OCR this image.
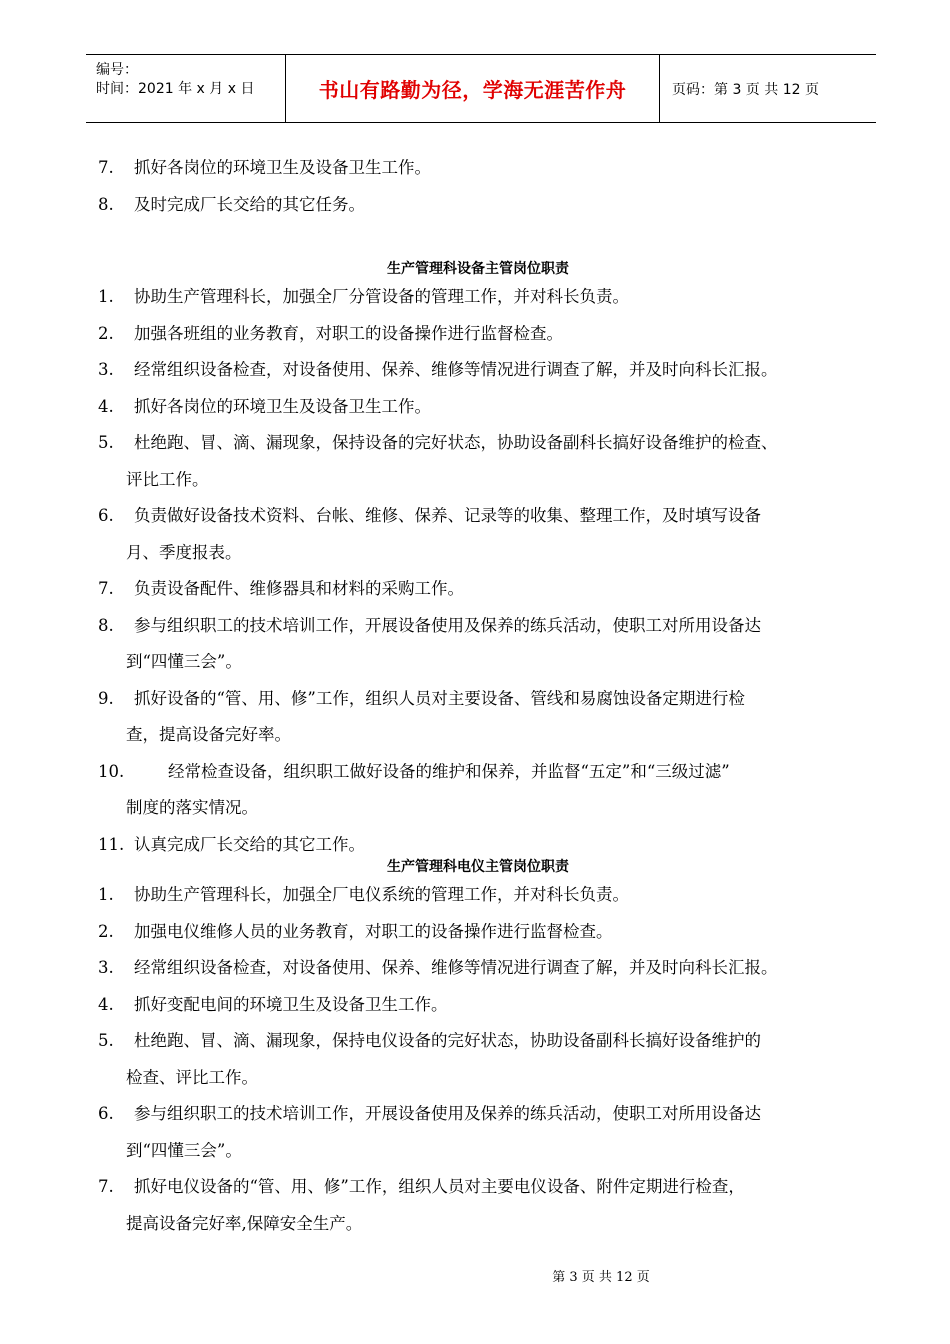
编号：
时间：2021 年 x 月 x 日	书山有路勤为径，学海无涯苦作舟	页码：第 3 页 共 12 页
7.	抓好各岗位的环境卫生及设备卫生工作。
8.	及时完成厂长交给的其它任务。
生产管理科设备主管岗位职责
1.	协助生产管理科长，加强全厂分管设备的管理工作，并对科长负责。
2.	加强各班组的业务教育，对职工的设备操作进行监督检查。
3.	经常组织设备检查，对设备使用、保养、维修等情况进行调查了解，并及时向科长汇报。
4.	抓好各岗位的环境卫生及设备卫生工作。
5.	杜绝跑、冒、滴、漏现象，保持设备的完好状态，协助设备副科长搞好设备维护的检查、
评比工作。
6.	负责做好设备技术资料、台帐、维修、保养、记录等的收集、整理工作，及时填写设备
月、季度报表。
7.	负责设备配件、维修器具和材料的采购工作。
8.	参与组织职工的技术培训工作，开展设备使用及保养的练兵活动，使职工对所用设备达
到“四懂三会”。
9.	抓好设备的“管、用、修”工作，组织人员对主要设备、管线和易腐蚀设备定期进行检
查，提高设备完好率。
10.	经常检查设备，组织职工做好设备的维护和保养，并监督“五定”和“三级过滤”
制度的落实情况。
11. 认真完成厂长交给的其它工作。
生产管理科电仪主管岗位职责
1.	协助生产管理科长，加强全厂电仪系统的管理工作，并对科长负责。
2.	加强电仪维修人员的业务教育，对职工的设备操作进行监督检查。
3.	经常组织设备检查，对设备使用、保养、维修等情况进行调查了解，并及时向科长汇报。
4.	抓好变配电间的环境卫生及设备卫生工作。
5.	杜绝跑、冒、滴、漏现象，保持电仪设备的完好状态，协助设备副科长搞好设备维护的
检查、评比工作。
6.	参与组织职工的技术培训工作，开展设备使用及保养的练兵活动，使职工对所用设备达
到“四懂三会”。
7.	抓好电仪设备的“管、用、修”工作，组织人员对主要电仪设备、附件定期进行检查，
提高设备完好率,保障安全生产。
第 3 页 共 12 页
